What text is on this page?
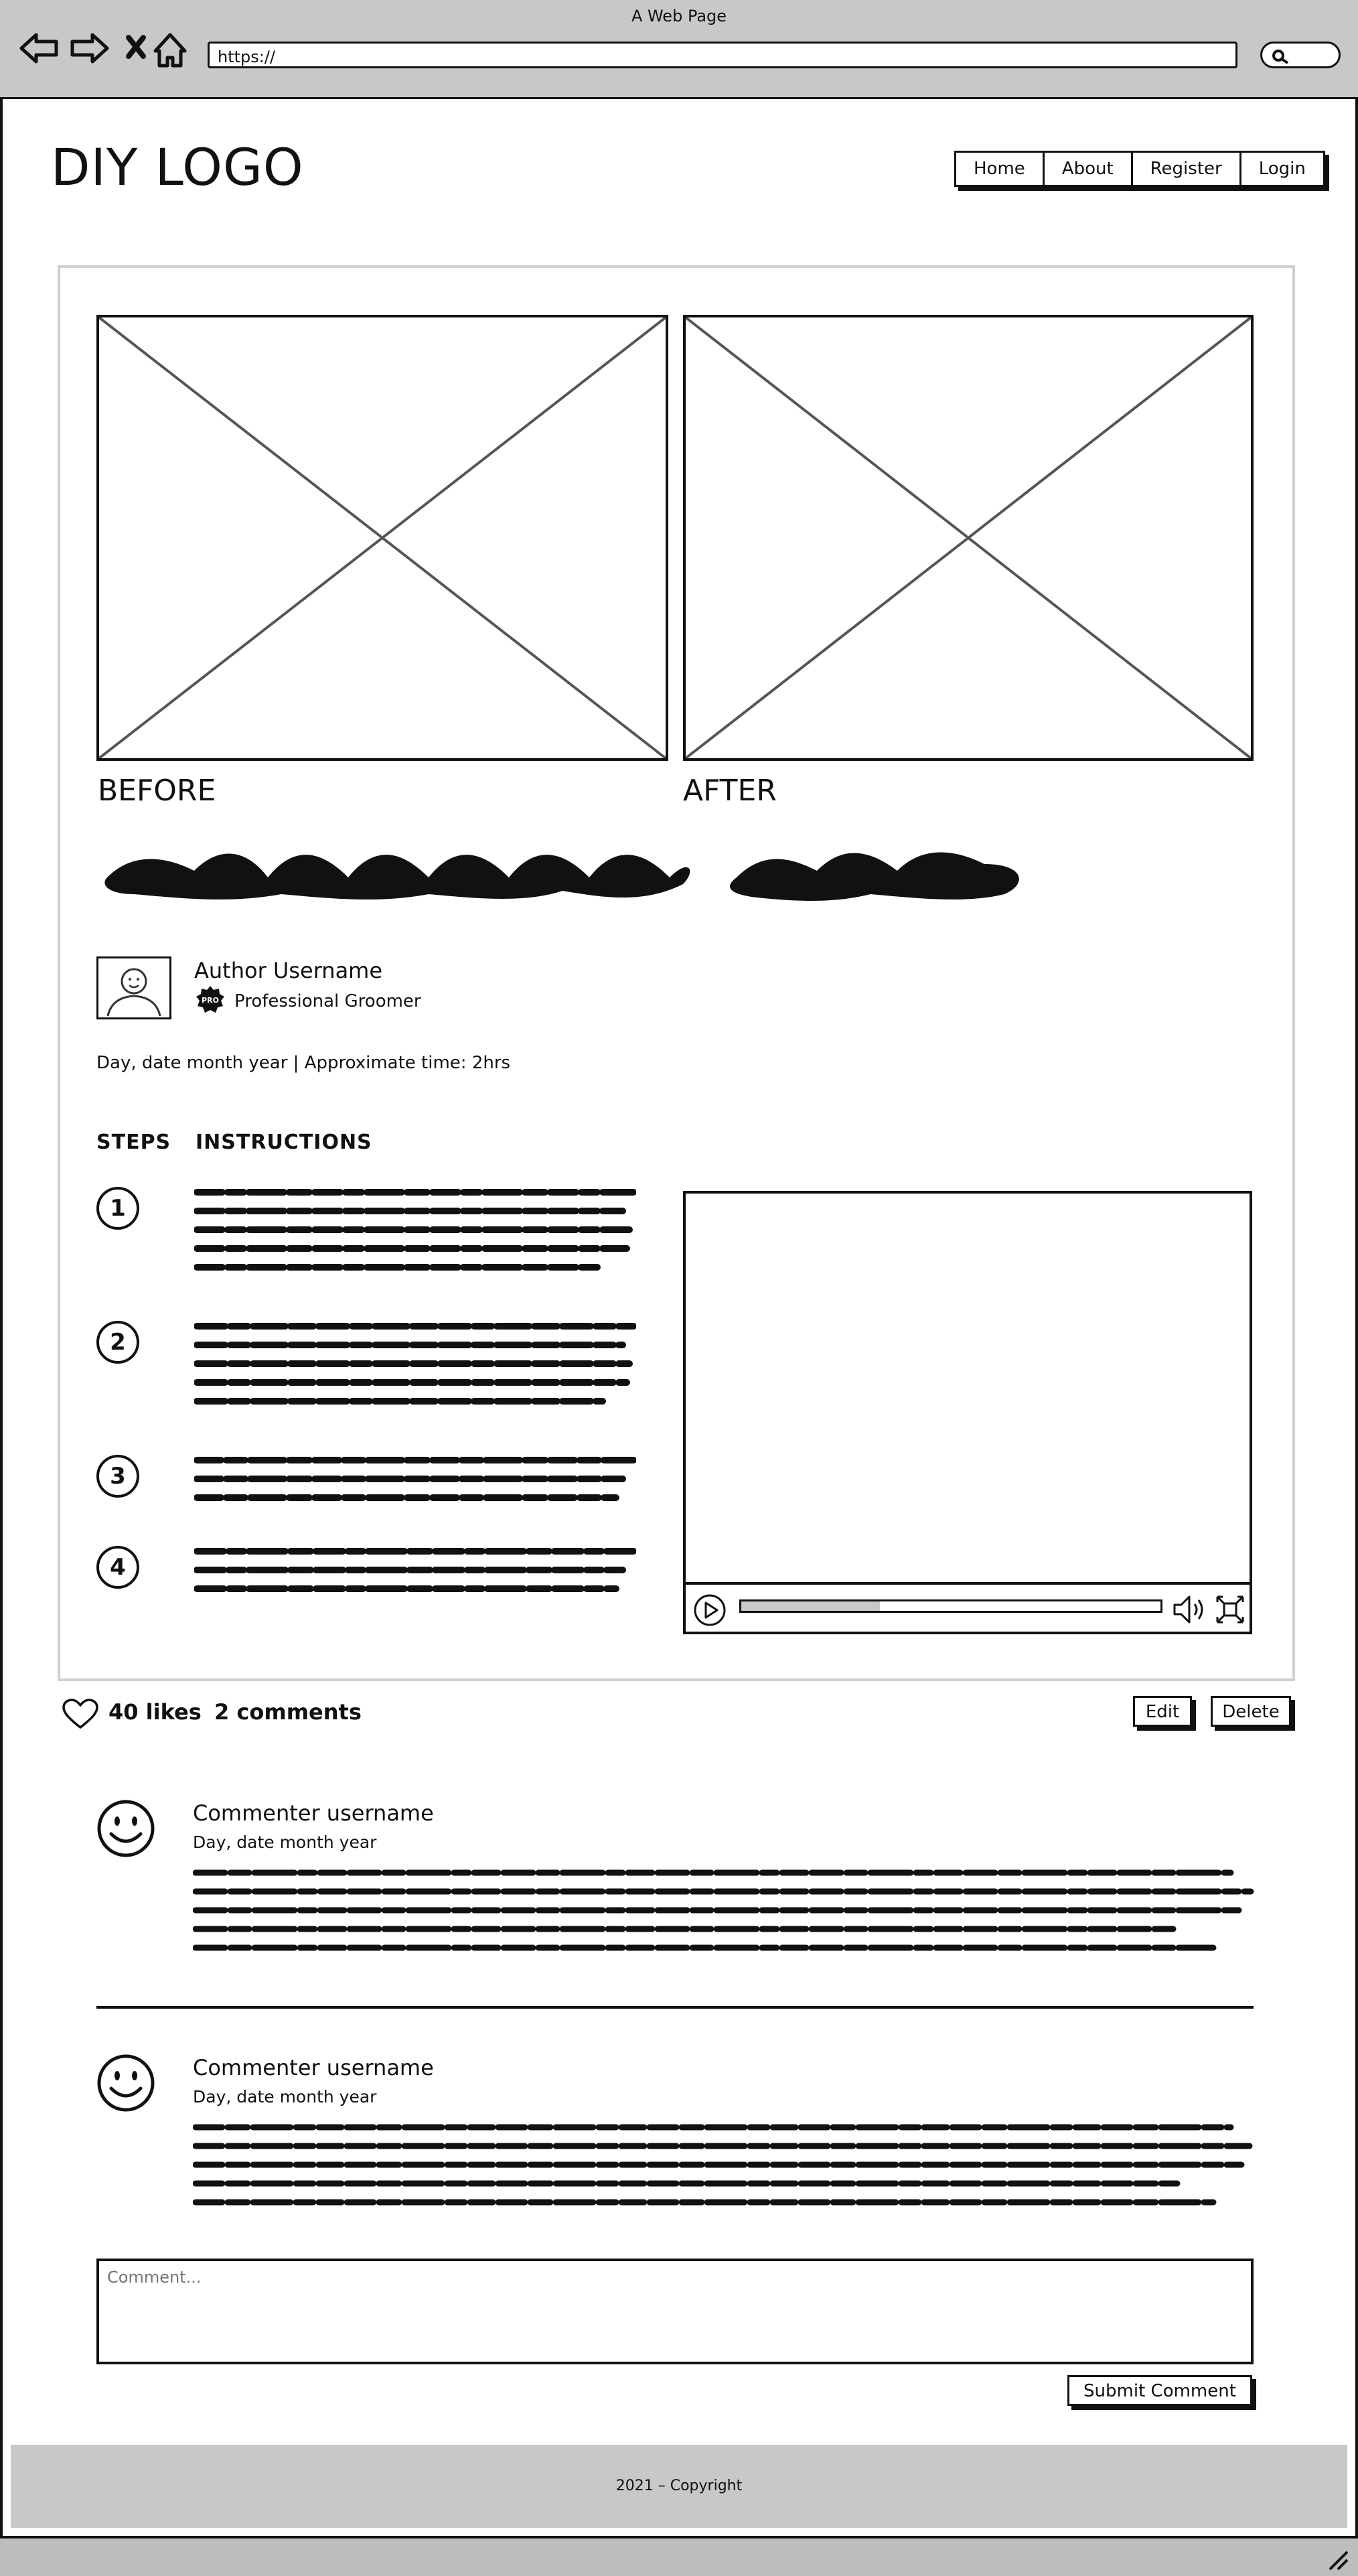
A Web Page
https://
DIY LOGO	Home	About	Register	Login
BEFORE	AFTER
Author Username
PRO Professional Groomer
Day, date month year | Approximate time: 2hrs
STEPS INSTRUCTIONS
1
2
3
4
40 likes 2 comments	Edit	Delete
Commenter username
Day, date month year
Commenter username
Day, date month year
Comment...
Submit Comment
2021 – Copyright
